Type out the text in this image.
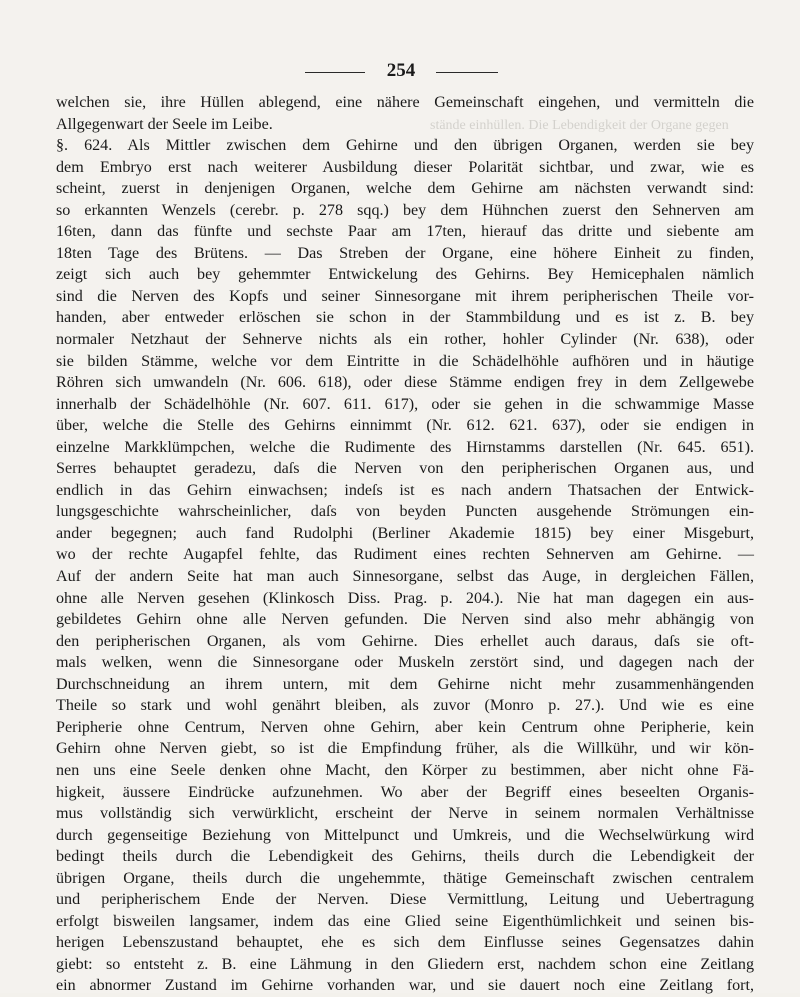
stände einhüllen. Die Lebendigkeit der Organe gegen
254
welchen sie, ihre Hüllen ablegend, eine nähere Gemeinschaft eingehen, und vermitteln die
Allgegenwart der Seele im Leibe.
§. 624. Als Mittler zwischen dem Gehirne und den übrigen Organen, werden sie bey
dem Embryo erst nach weiterer Ausbildung dieser Polarität sichtbar, und zwar, wie es
scheint, zuerst in denjenigen Organen, welche dem Gehirne am nächsten verwandt sind:
so erkannten Wenzels (cerebr. p. 278 sqq.) bey dem Hühnchen zuerst den Sehnerven am
16ten, dann das fünfte und sechste Paar am 17ten, hierauf das dritte und siebente am
18ten Tage des Brütens. — Das Streben der Organe, eine höhere Einheit zu finden,
zeigt sich auch bey gehemmter Entwickelung des Gehirns. Bey Hemicephalen nämlich
sind die Nerven des Kopfs und seiner Sinnesorgane mit ihrem peripherischen Theile vor-
handen, aber entweder erlöschen sie schon in der Stammbildung und es ist z. B. bey
normaler Netzhaut der Sehnerve nichts als ein rother, hohler Cylinder (Nr. 638), oder
sie bilden Stämme, welche vor dem Eintritte in die Schädelhöhle aufhören und in häutige
Röhren sich umwandeln (Nr. 606. 618), oder diese Stämme endigen frey in dem Zellgewebe
innerhalb der Schädelhöhle (Nr. 607. 611. 617), oder sie gehen in die schwammige Masse
über, welche die Stelle des Gehirns einnimmt (Nr. 612. 621. 637), oder sie endigen in
einzelne Markklümpchen, welche die Rudimente des Hirnstamms darstellen (Nr. 645. 651).
Serres behauptet geradezu, daſs die Nerven von den peripherischen Organen aus, und
endlich in das Gehirn einwachsen; indeſs ist es nach andern Thatsachen der Entwick-
lungsgeschichte wahrscheinlicher, daſs von beyden Puncten ausgehende Strömungen ein-
ander begegnen; auch fand Rudolphi (Berliner Akademie 1815) bey einer Misgeburt,
wo der rechte Augapfel fehlte, das Rudiment eines rechten Sehnerven am Gehirne. —
Auf der andern Seite hat man auch Sinnesorgane, selbst das Auge, in dergleichen Fällen,
ohne alle Nerven gesehen (Klinkosch Diss. Prag. p. 204.). Nie hat man dagegen ein aus-
gebildetes Gehirn ohne alle Nerven gefunden. Die Nerven sind also mehr abhängig von
den peripherischen Organen, als vom Gehirne. Dies erhellet auch daraus, daſs sie oft-
mals welken, wenn die Sinnesorgane oder Muskeln zerstört sind, und dagegen nach der
Durchschneidung an ihrem untern, mit dem Gehirne nicht mehr zusammenhängenden
Theile so stark und wohl genährt bleiben, als zuvor (Monro p. 27.). Und wie es eine
Peripherie ohne Centrum, Nerven ohne Gehirn, aber kein Centrum ohne Peripherie, kein
Gehirn ohne Nerven giebt, so ist die Empfindung früher, als die Willkühr, und wir kön-
nen uns eine Seele denken ohne Macht, den Körper zu bestimmen, aber nicht ohne Fä-
higkeit, äussere Eindrücke aufzunehmen. Wo aber der Begriff eines beseelten Organis-
mus vollständig sich verwürklicht, erscheint der Nerve in seinem normalen Verhältnisse
durch gegenseitige Beziehung von Mittelpunct und Umkreis, und die Wechselwürkung wird
bedingt theils durch die Lebendigkeit des Gehirns, theils durch die Lebendigkeit der
übrigen Organe, theils durch die ungehemmte, thätige Gemeinschaft zwischen centralem
und peripherischem Ende der Nerven. Diese Vermittlung, Leitung und Uebertragung
erfolgt bisweilen langsamer, indem das eine Glied seine Eigenthümlichkeit und seinen bis-
herigen Lebenszustand behauptet, ehe es sich dem Einflusse seines Gegensatzes dahin
giebt: so entsteht z. B. eine Lähmung in den Gliedern erst, nachdem schon eine Zeitlang
ein abnormer Zustand im Gehirne vorhanden war, und sie dauert noch eine Zeitlang fort,
